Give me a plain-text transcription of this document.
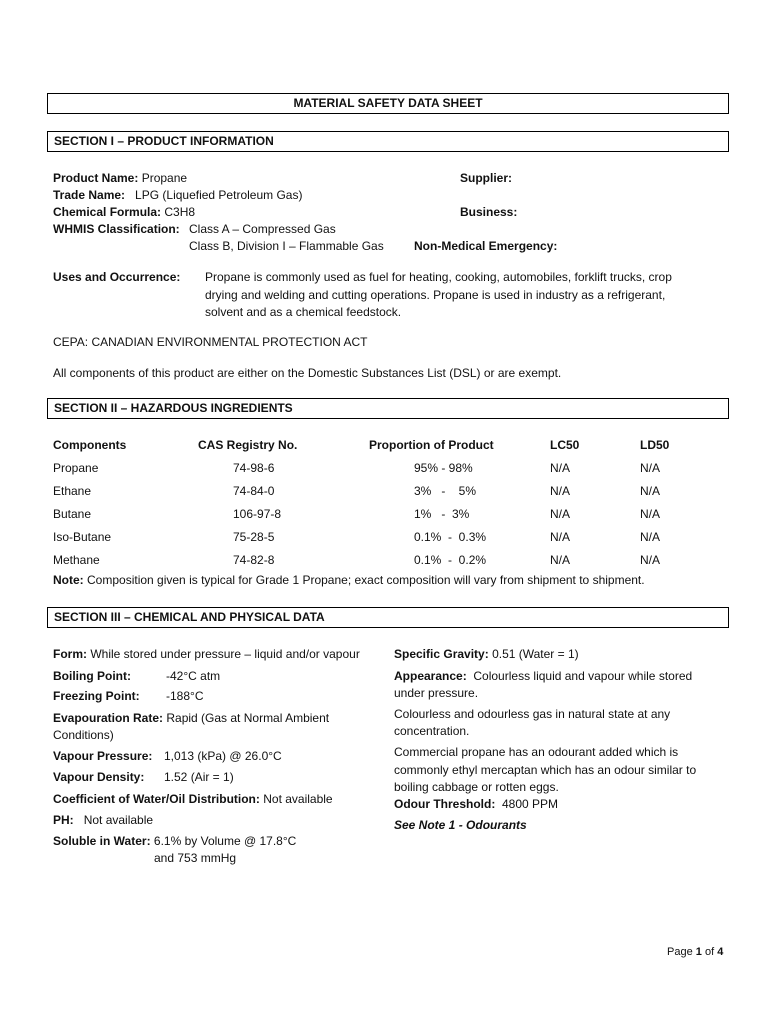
MATERIAL SAFETY DATA SHEET
SECTION I – PRODUCT INFORMATION
Product Name: Propane
Trade Name: LPG (Liquefied Petroleum Gas)
Chemical Formula: C3H8
WHMIS Classification: Class A – Compressed Gas
Class B, Division I – Flammable Gas
Supplier:
Business:
Non-Medical Emergency:
Uses and Occurrence: Propane is commonly used as fuel for heating, cooking, automobiles, forklift trucks, crop
drying and welding and cutting operations. Propane is used in industry as a refrigerant,
solvent and as a chemical feedstock.
CEPA: CANADIAN ENVIRONMENTAL PROTECTION ACT
All components of this product are either on the Domestic Substances List (DSL) or are exempt.
SECTION II – HAZARDOUS INGREDIENTS
Components	CAS Registry No.	Proportion of Product	LC50	LD50
Propane	74-98-6	95% - 98%	N/A	N/A
Ethane	74-84-0	3%   -    5%	N/A	N/A
Butane	106-97-8	1%   -  3%	N/A	N/A
Iso-Butane	75-28-5	0.1%  -  0.3%	N/A	N/A
Methane	74-82-8	0.1%  -  0.2%	N/A	N/A
Note: Composition given is typical for Grade 1 Propane; exact composition will vary from shipment to shipment.
SECTION III – CHEMICAL AND PHYSICAL DATA
Form: While stored under pressure – liquid and/or vapour
Boiling Point:	-42°C atm
Freezing Point: -188°C
Evapouration Rate: Rapid (Gas at Normal Ambient
Conditions)
Vapour Pressure: 1,013 (kPa) @ 26.0°C
Vapour Density: 1.52 (Air = 1)
Coefficient of Water/Oil Distribution: Not available
PH: Not available
Soluble in Water: 6.1% by Volume @ 17.8°C
and 753 mmHg
Specific Gravity: 0.51 (Water = 1)
Appearance: Colourless liquid and vapour while stored
under pressure.
Colourless and odourless gas in natural state at any
concentration.
Commercial propane has an odourant added which is
commonly ethyl mercaptan which has an odour similar to
boiling cabbage or rotten eggs.
Odour Threshold: 4800 PPM
See Note 1 - Odourants
Page 1 of 4
